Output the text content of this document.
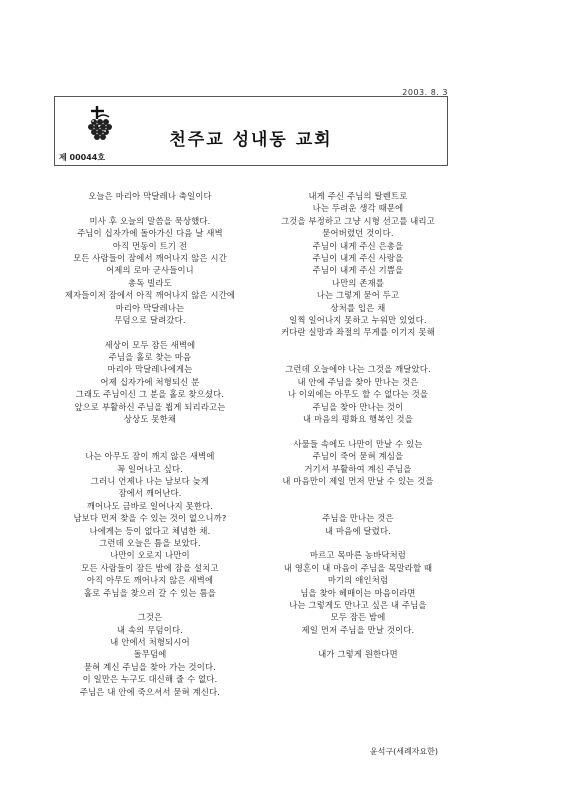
2003. 8. 3
천주교 성내동 교회
제 00044호
오늘은 마리아 막달레나 축일이다
미사 후 오늘의 말씀을 묵상했다.
주님이 십자가에 돌아가신 다음 날 새벽
아직 먼동이 트기 전
모든 사람들이 잠에서 깨어나지 않은 시간
어제의 로마 군사들이니
총독 빌라도
제자들이저 잠에서 아직 깨어나지 않은 시간에
마리아 막달레나는
무덤으로 달려갔다.
세상이 모두 잠든 새벽에
주님을 홀로 찾는 마음
마리아 막달레나에게는
어제 십자가에 처형되신 분
그래도 주님이신 그 분을 홀로 찾으셨다.
앞으로 부활하신 주님을 뵙게 되리라고는
상상도 못한채
나는 아무도 잠이 깨지 않은 새벽에
꼭 일어나고 싶다.
그러니 언제나 나는 남보다 늦게
잠에서 깨어난다.
깨어나도 금바로 일어나지 못한다.
남보다 먼저 찾을 수 있는 것이 없으니까?
나에게는 등이 없다고 체념한 채.
그런데 오늘은 틈을 보았다.
나만이 오로지 나만이
모든 사람들이 잠든 밤에 잠을 설치고
아직 아무도 깨어나지 않은 새벽에
홀로 주님을 찾으러 갈 수 있는 틈을
그것은
내 속의 무덤이다.
내 안에서 처형되시어
돌무덤에
묻혀 계신 주님을 찾아 가는 것이다.
이 일만은 누구도 대신해 줄 수 없다.
주님은 내 안에 죽으셔서 묻혀 계신다.
내게 주신 주님의 탈렌트로
나는 두려운 생각 때문에
그것을 부정하고 그냥 시형 선고를 내리고
묻어버렸던 것이다.
주님이 내게 주신 은총을
주님이 내게 주신 사랑을
주님이 내게 주신 기쁨을
나만의 존재를
나는 그렇게 묻어 두고
상처를 입은 채
일찍 일어나지 못하고 누워만 있었다.
커다란 실망과 좌절의 무게를 이기지 못해
그런데 오늘에야 나는 그것을 깨달았다.
내 안에 주님을 찾아 만나는 것은
나 이외에는 아무도 할 수 없다는 것을
주님을 찾아 만나는 것이
내 마음의 평화요 행복인 것을
사물들 속에도 나만이 만날 수 있는
주님이 죽어 묻혀 계심을
거기서 부활하여 계신 주님을
내 마음만이 제일 먼저 만날 수 있는 것을
주님을 만나는 것은
내 마음에 달렸다.
마르고 목마른 농바닥처럼
내 영혼이 내 마음이 주님을 목말라할 때
마기의 애인처럼
님을 찾아 헤매이는 마음이라면
나는 그렇게도 만나고 싶은 내 주님을
모두 잠든 밤에
제일 먼저 주님을 만날 것이다.
내가 그렇게 원한다면
윤석구(세례자요한)
